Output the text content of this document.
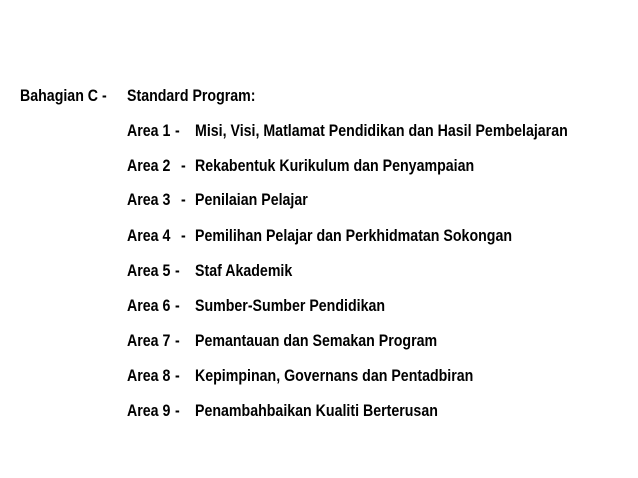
Bahagian C - Standard Program:
Area 1 - Misi, Visi, Matlamat Pendidikan dan Hasil Pembelajaran
Area 2 - Rekabentuk Kurikulum dan Penyampaian
Area 3 - Penilaian Pelajar
Area 4 - Pemilihan Pelajar dan Perkhidmatan Sokongan
Area 5 - Staf Akademik
Area 6 - Sumber-Sumber Pendidikan
Area 7 - Pemantauan dan Semakan Program
Area 8 - Kepimpinan, Governans dan Pentadbiran
Area 9 - Penambahbaikan Kualiti Berterusan
